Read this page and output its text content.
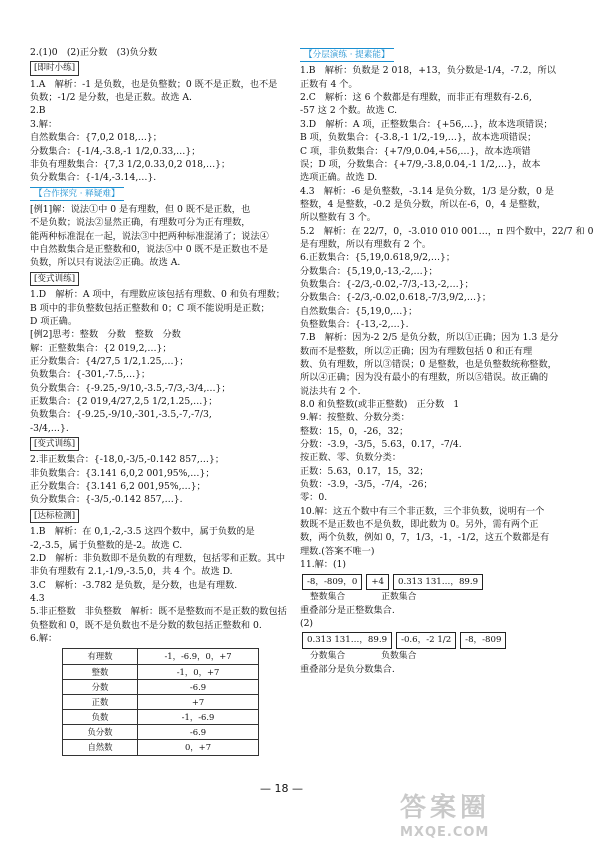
2.(1)0　(2)正分数　(3)负分数
[即时小练]
1.A　解析：-1 是负数，也是负整数；0 既不是正数，也不是
负数；-1/2 是分数，也是正数。故选 A.
2.B
3.解：
自然数集合：{7,0,2 018,…}；
分数集合：{-1/4,-3.8,-1 1/2,0.33,…}；
非负有理数集合：{7,3 1/2,0.33,0,2 018,…}；
负分数集合：{-1/4,-3.14,…}.
【合作探究 · 释疑难】
[例1]解：说法①中 0 是有理数，但 0 既不是正数，也
不是负数；说法②显然正确，有理数可分为正有理数，
能两种标准混在一起，说法③中把两种标准混淆了；说法④
中自然数集合是正整数和0，说法⑤中 0 既不是正数也不是
负数，所以只有说法②正确。故选 A.
[变式训练]
1.D　解析：A 项中，有理数应该包括有理数、0 和负有理数；
B 项中的非负整数包括正整数和 0；C 项不能说明是正数；
D 项正确。
[例2]思考：整数　分数　整数　分数
解：正整数集合：{2 019,2,…}；
正分数集合：{4/27,5 1/2,1.25,…}；
负数集合：{-301,-7.5,…}；
负分数集合：{-9.25,-9/10,-3.5,-7/3,-3/4,…}；
正数集合：{2 019,4/27,2,5 1/2,1.25,…}；
负数集合：{-9.25,-9/10,-301,-3.5,-7,-7/3,
-3/4,…}.
[变式训练]
2.非正数集合：{-18,0,-3/5,-0.142 857,…}；
非负数集合：{3.141 6,0,2 001,95%,…}；
正分数集合：{3.141 6,2 001,95%,…}；
负分数集合：{-3/5,-0.142 857,…}.
[达标检测]
1.B　解析：在 0,1,-2,-3.5 这四个数中，属于负数的是
-2,-3.5，属于负整数的是-2。故选 C.
2.D　解析：非负数即不是负数的有理数，包括零和正数。其中
非负有理数有 2.1,-1/9,-3.5,0，共 4 个。故选 D.
3.C　解析：-3.782 是负数，是分数，也是有理数.
4.3
5.非正整数　非负整数　解析：既不是整数而不是正数的数包括
负整数和 0，既不是负数也不是分数的数包括正整数和 0.
6.解：
有理数	-1，-6.9，0，+7
整数	-1，0，+7
分数	-6.9
正数	+7
负数	-1，-6.9
负分数	-6.9
自然数	0，+7
【分层演练 · 提素能】
1.B　解析：负数是 2 018，+13，负分数是-1/4，-7.2，所以
正数有 4 个。
2.C　解析：这 6 个数都是有理数，而非正有理数有-2.6,
-57 这 2 个数。故选 C.
3.D　解析：A 项，正整数集合：{+56,…}，故本选项错误；
B 项，负数集合：{-3.8,-1 1/2,-19,…}，故本选项错误；
C 项，非负数集合：{+7/9,0.04,+56,…}，故本选项错
误；D 项，分数集合：{+7/9,-3.8,0.04,-1 1/2,…}，故本
选项正确。故选 D.
4.3　解析：-6 是负整数，-3.14 是负分数，1/3 是分数，0 是
整数，4 是整数，-0.2 是负分数，所以在-6，0，4 是整数，
所以整数有 3 个。
5.2　解析：在 22/7，0，-3.010 010 001…，π 四个数中，22/7 和 0
是有理数，所以有理数有 2 个。
6.正数集合：{5,19,0.618,9/2,…}；
分数集合：{5,19,0,-13,-2,…}；
负数集合：{-2/3,-0.02,-7/3,-13,-2,…}；
分数集合：{-2/3,-0.02,0.618,-7/3,9/2,…}；
自然数集合：{5,19,0,…}；
负整数集合：{-13,-2,…}.
7.B　解析：因为-2 2/5 是负分数，所以①正确；因为 1.3 是分
数而不是整数，所以②正确；因为有理数包括 0 和正有理
数、负有理数，所以③错误；0 是整数，也是负整数统称整数，
所以④正确；因为没有最小的有理数，所以⑤错误。故正确的说法共有 2 个.
8.0 和负整数(或非正整数)　正分数　1
9.解：按整数、分数分类：
整数：15，0，-26，32；
分数：-3.9，-3/5，5.63，0.17，-7/4.
按正数、零、负数分类：
正数：5.63，0.17，15，32；
负数：-3.9，-3/5，-7/4，-26；
零：0.
10.解：这五个数中有三个非正数，三个非负数，说明有一个
数既不是正数也不是负数，即此数为 0。另外，需有两个正
数，两个负数，例如 0，7，1/3，-1，-1/2，这五个数都是有
理数.(答案不唯一)
11.解：(1)
-8，-809，0	+4	0.313 131…，89.9
整数集合	正数集合
重叠部分是正整数集合.
(2)
0.313 131…，89.9	-0.6，-2 1/2	-8，-809
分数集合	负数集合
重叠部分是负分数集合.
— 18 —
答案圈
MXQE.COM
